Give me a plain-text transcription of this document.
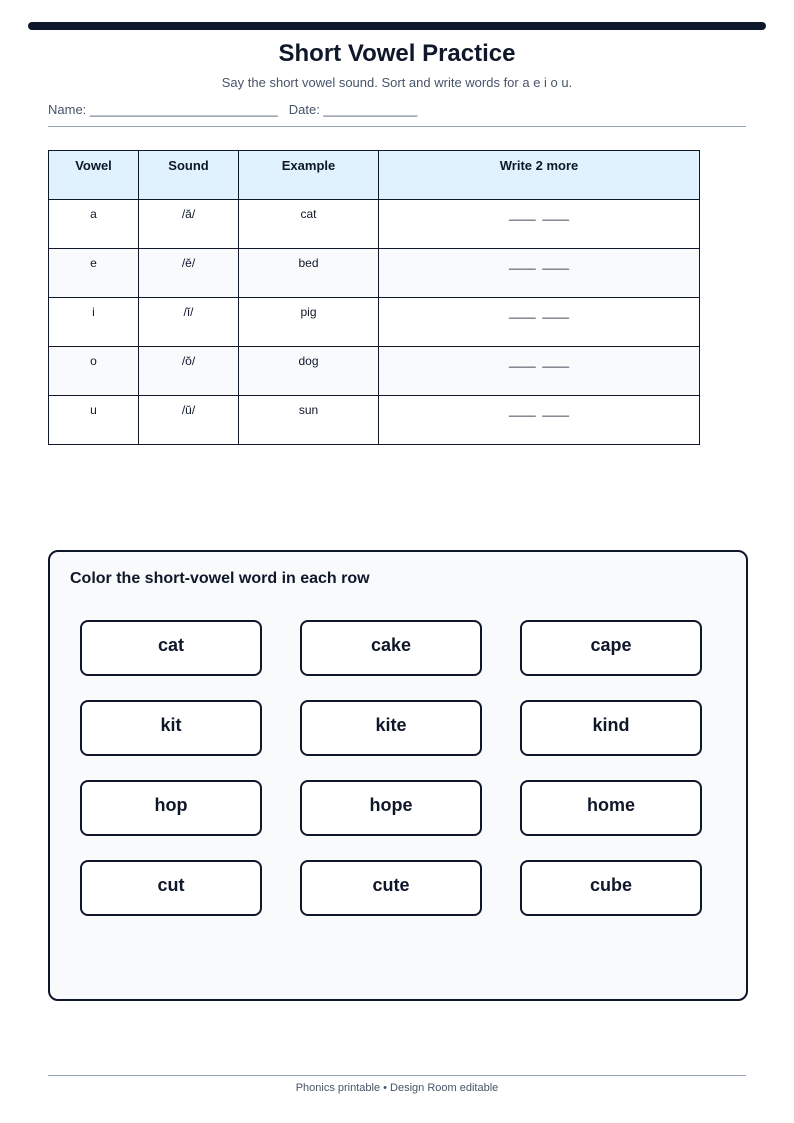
Short Vowel Practice
Say the short vowel sound. Sort and write words for a e i o u.
Name: __________________________ Date: _____________
Vowel	Sound	Example	Write 2 more
a	/ă/	cat	____  ____
e	/ĕ/	bed	____  ____
i	/ĭ/	pig	____  ____
o	/ŏ/	dog	____  ____
u	/ŭ/	sun	____  ____
Color the short-vowel word in each row
cat	cake	cape
kit	kite	kind
hop	hope	home
cut	cute	cube
Phonics printable • Design Room editable
